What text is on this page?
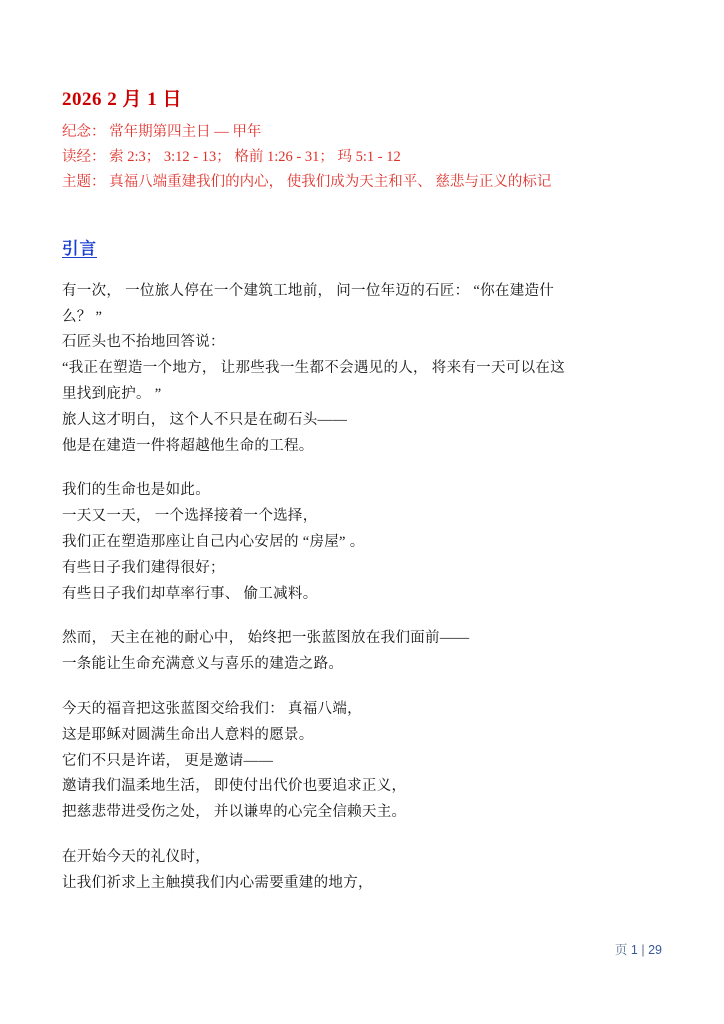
2026 2 月 1 日

纪念： 常年期第四主日 — 甲年

读经： 索 2:3； 3:12 - 13； 格前 1:26 - 31； 玛 5:1 - 12

主题： 真福八端重建我们的内心， 使我们成为天主和平、 慈悲与正义的标记

引言

有一次， 一位旅人停在一个建筑工地前， 问一位年迈的石匠： “你在建造什

么？ ”

石匠头也不抬地回答说：

“我正在塑造一个地方， 让那些我一生都不会遇见的人， 将来有一天可以在这

里找到庇护。 ”

旅人这才明白， 这个人不只是在砌石头——

他是在建造一件将超越他生命的工程。

我们的生命也是如此。

一天又一天， 一个选择接着一个选择，

我们正在塑造那座让自己内心安居的 “房屋” 。

有些日子我们建得很好；

有些日子我们却草率行事、 偷工减料。

然而， 天主在祂的耐心中， 始终把一张蓝图放在我们面前——

一条能让生命充满意义与喜乐的建造之路。

今天的福音把这张蓝图交给我们： 真福八端，

这是耶稣对圆满生命出人意料的愿景。

它们不只是许诺， 更是邀请——

邀请我们温柔地生活， 即使付出代价也要追求正义，

把慈悲带进受伤之处， 并以谦卑的心完全信赖天主。

在开始今天的礼仪时，

让我们祈求上主触摸我们内心需要重建的地方，

页 1 | 29
